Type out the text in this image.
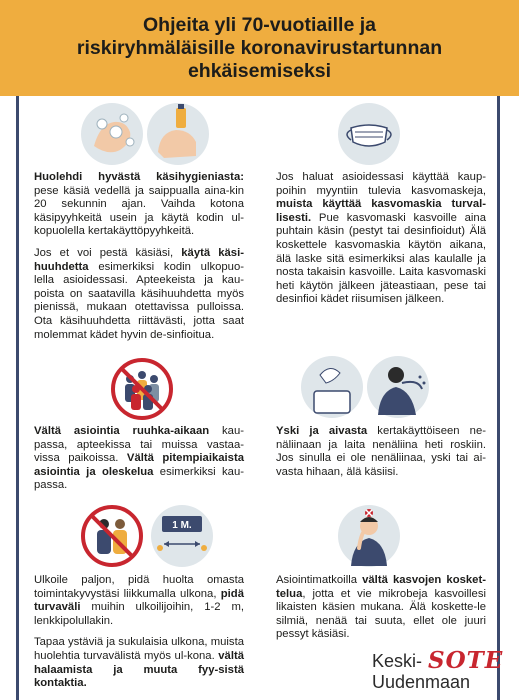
Ohjeita yli 70-vuotiaille ja
riskiryhmäläisille koronavirustartunnan
ehkäisemiseksi
1 M.

Huolehdi hyvästä käsihygieniasta: pese käsiä vedellä ja saippualla aina-kin 20 sekunnin ajan. Vaihda kotona käsipyyhkeitä usein ja käytä kodin ul-kopuolella kertakäyttöpyyhkeitä.

Jos et voi pestä käsiäsi, käytä käsi-huuhdetta esimerkiksi kodin ulkopuo-lella asioidessasi. Apteekeista ja kau-poista on saatavilla käsihuuhdetta myös pienissä, mukaan otettavissa pulloissa. Ota käsihuuhdetta riittävästi, jotta saat molemmat kädet hyvin de-sinfioitua.

Jos haluat asioidessasi käyttää kaup-poihin myyntiin tulevia kasvomaskeja, muista käyttää kasvomaskia turval-lisesti. Pue kasvomaski kasvoille aina puhtain käsin (pestyt tai desinfioidut) Älä koskettele kasvomaskia käytön aikana, älä laske sitä esimerkiksi alas kaulalle ja nosta takaisin kasvoille. Laita kasvomaski heti käytön jälkeen jäteastiaan, pese tai desinfioi kädet riisumisen jälkeen.

Vältä asiointia ruuhka-aikaan kau-passa, apteekissa tai muissa vastaa-vissa paikoissa. Vältä pitempiaikaista asiointia ja oleskelua esimerkiksi kau-passa.

Yski ja aivasta kertakäyttöiseen ne-näliinaan ja laita nenäliina heti roskiin. Jos sinulla ei ole nenäliinaa, yski tai ai-vasta hihaan, älä käsiisi.

Ulkoile paljon, pidä huolta omasta toimintakyvystäsi liikkumalla ulkona, pidä turvaväli muihin ulkoilijoihin, 1-2 m, lenkkipolullakin.

Tapaa ystäviä ja sukulaisia ulkona, muista huolehtia turvavälistä myös ul-kona. vältä halaamista ja muuta fyy-sistä kontaktia.

Asiointimatkoilla vältä kasvojen kosket-telua, jotta et vie mikrobeja kasvoillesi likaisten käsien mukana. Älä koskette-le silmiä, nenää tai suuta, ellet ole juuri pessyt käsiäsi.

Keski- SOTE
Uudenmaan
